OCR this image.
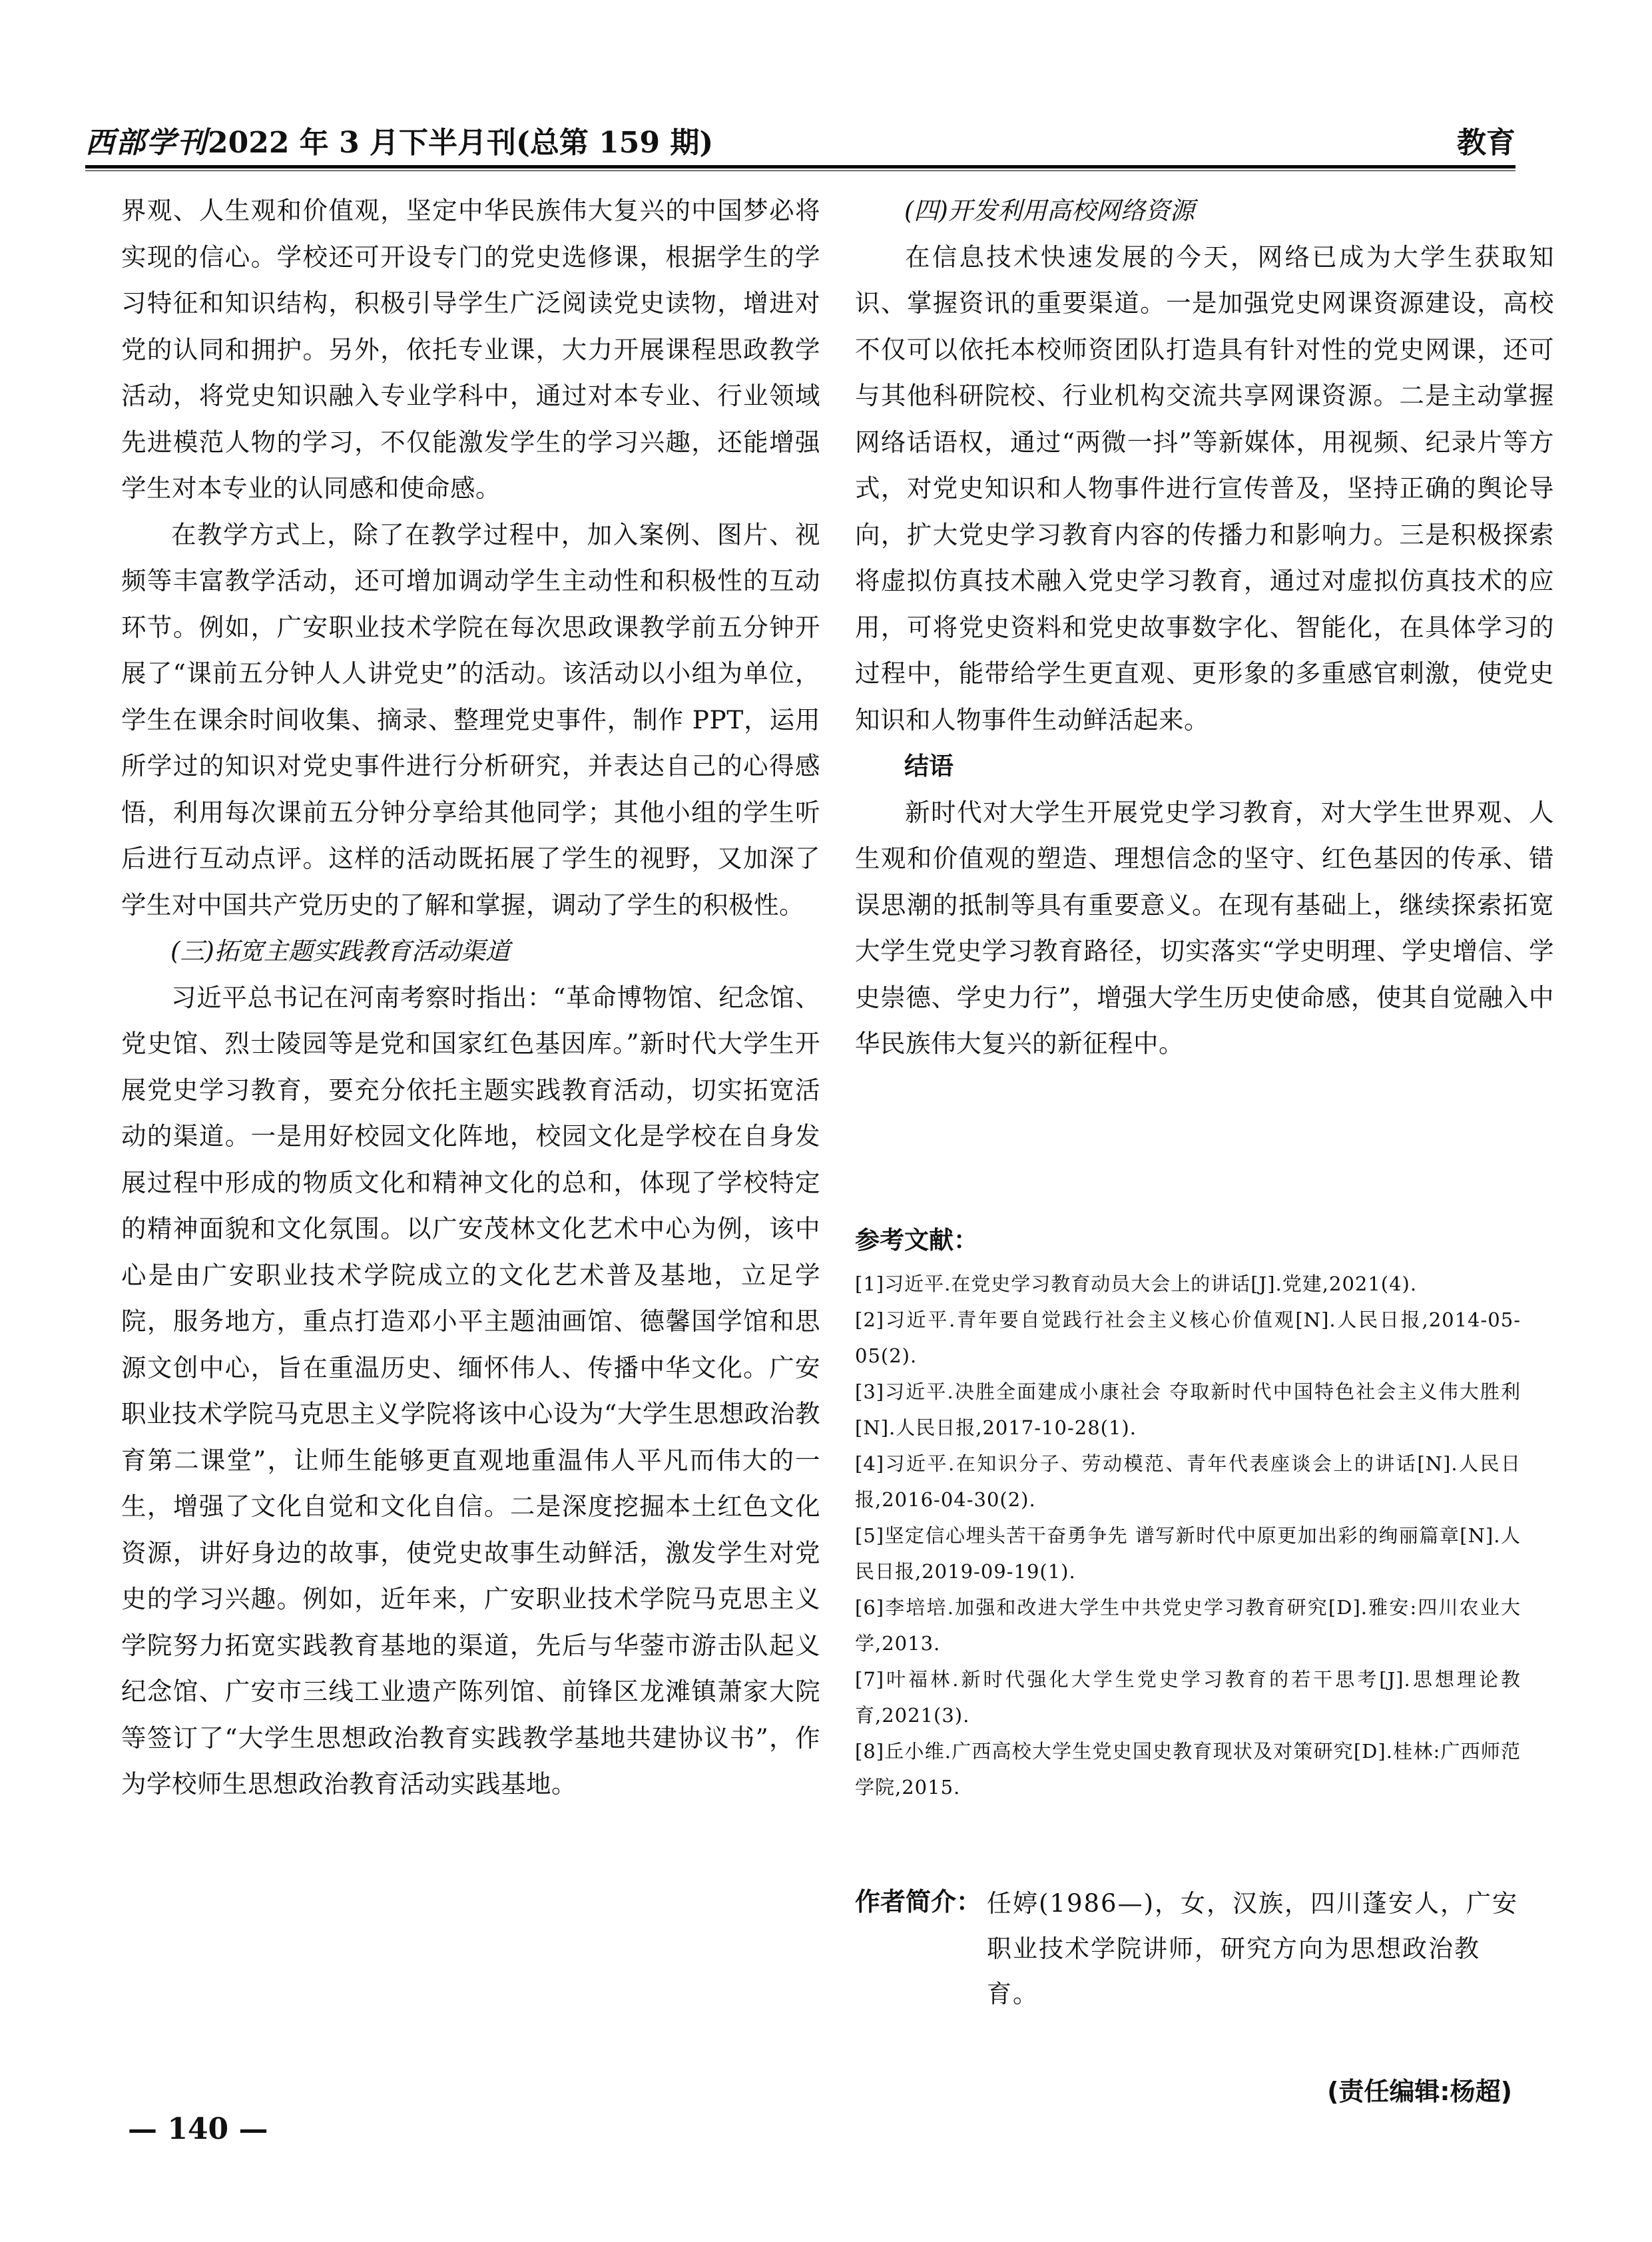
西部学刊2022 年 3 月下半月刊(总第 159 期)	教育

界观、人生观和价值观，坚定中华民族伟大复兴的中国梦必将实现的信心。学校还可开设专门的党史选修课，根据学生的学习特征和知识结构，积极引导学生广泛阅读党史读物，增进对党的认同和拥护。另外，依托专业课，大力开展课程思政教学活动，将党史知识融入专业学科中，通过对本专业、行业领域先进模范人物的学习，不仅能激发学生的学习兴趣，还能增强学生对本专业的认同感和使命感。

在教学方式上，除了在教学过程中，加入案例、图片、视频等丰富教学活动，还可增加调动学生主动性和积极性的互动环节。例如，广安职业技术学院在每次思政课教学前五分钟开展了“课前五分钟人人讲党史”的活动。该活动以小组为单位，学生在课余时间收集、摘录、整理党史事件，制作 PPT，运用所学过的知识对党史事件进行分析研究，并表达自己的心得感悟，利用每次课前五分钟分享给其他同学；其他小组的学生听后进行互动点评。这样的活动既拓展了学生的视野，又加深了学生对中国共产党历史的了解和掌握，调动了学生的积极性。

(三)拓宽主题实践教育活动渠道

习近平总书记在河南考察时指出：“革命博物馆、纪念馆、党史馆、烈士陵园等是党和国家红色基因库。”新时代大学生开展党史学习教育，要充分依托主题实践教育活动，切实拓宽活动的渠道。一是用好校园文化阵地，校园文化是学校在自身发展过程中形成的物质文化和精神文化的总和，体现了学校特定的精神面貌和文化氛围。以广安茂林文化艺术中心为例，该中心是由广安职业技术学院成立的文化艺术普及基地，立足学院，服务地方，重点打造邓小平主题油画馆、德馨国学馆和思源文创中心，旨在重温历史、缅怀伟人、传播中华文化。广安职业技术学院马克思主义学院将该中心设为“大学生思想政治教育第二课堂”，让师生能够更直观地重温伟人平凡而伟大的一生，增强了文化自觉和文化自信。二是深度挖掘本土红色文化资源，讲好身边的故事，使党史故事生动鲜活，激发学生对党史的学习兴趣。例如，近年来，广安职业技术学院马克思主义学院努力拓宽实践教育基地的渠道，先后与华蓥市游击队起义纪念馆、广安市三线工业遗产陈列馆、前锋区龙滩镇萧家大院等签订了“大学生思想政治教育实践教学基地共建协议书”，作为学校师生思想政治教育活动实践基地。

(四)开发利用高校网络资源

在信息技术快速发展的今天，网络已成为大学生获取知识、掌握资讯的重要渠道。一是加强党史网课资源建设，高校不仅可以依托本校师资团队打造具有针对性的党史网课，还可与其他科研院校、行业机构交流共享网课资源。二是主动掌握网络话语权，通过“两微一抖”等新媒体，用视频、纪录片等方式，对党史知识和人物事件进行宣传普及，坚持正确的舆论导向，扩大党史学习教育内容的传播力和影响力。三是积极探索将虚拟仿真技术融入党史学习教育，通过对虚拟仿真技术的应用，可将党史资料和党史故事数字化、智能化，在具体学习的过程中，能带给学生更直观、更形象的多重感官刺激，使党史知识和人物事件生动鲜活起来。

结语

新时代对大学生开展党史学习教育，对大学生世界观、人生观和价值观的塑造、理想信念的坚守、红色基因的传承、错误思潮的抵制等具有重要意义。在现有基础上，继续探索拓宽大学生党史学习教育路径，切实落实“学史明理、学史增信、学史崇德、学史力行”，增强大学生历史使命感，使其自觉融入中华民族伟大复兴的新征程中。

参考文献：

[1]习近平.在党史学习教育动员大会上的讲话[J].党建,2021(4).

[2]习近平.青年要自觉践行社会主义核心价值观[N].人民日报,2014-05-05(2).

[3]习近平.决胜全面建成小康社会 夺取新时代中国特色社会主义伟大胜利[N].人民日报,2017-10-28(1).

[4]习近平.在知识分子、劳动模范、青年代表座谈会上的讲话[N].人民日报,2016-04-30(2).

[5]坚定信心埋头苦干奋勇争先 谱写新时代中原更加出彩的绚丽篇章[N].人民日报,2019-09-19(1).

[6]李培培.加强和改进大学生中共党史学习教育研究[D].雅安:四川农业大学,2013.

[7]叶福林.新时代强化大学生党史学习教育的若干思考[J].思想理论教育,2021(3).

[8]丘小维.广西高校大学生党史国史教育现状及对策研究[D].桂林:广西师范学院,2015.

作者简介： 任婷(1986—)，女，汉族，四川蓬安人，广安职业技术学院讲师，研究方向为思想政治教育。
(责任编辑:杨超)
— 140 —
